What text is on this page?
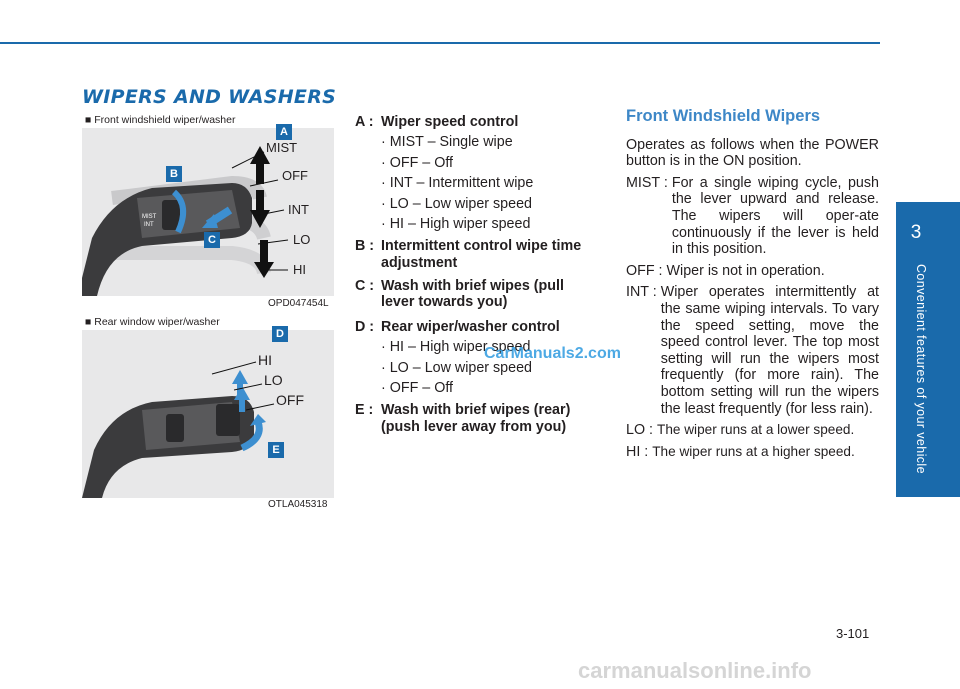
WIPERS AND WASHERS
■ Front windshield wiper/washer
MIST
INT
MIST
OFF
INT
LO
HI
A
B
C
OPD047454L
■ Rear window wiper/washer
HI
LO
OFF
D
E
OTLA045318
A : Wiper speed control
· MIST – Single wipe
· OFF – Off
· INT – Intermittent wipe
· LO – Low wiper speed
· HI – High wiper speed
B : Intermittent control wipe time adjustment
C : Wash with brief wipes (pull lever towards you)
D : Rear wiper/washer control
· HI – High wiper speed
· LO – Low wiper speed
· OFF – Off
E : Wash with brief wipes (rear) (push lever away from you)
Front Windshield Wipers
Operates as follows when the POWER button is in the ON position.
MIST : For a single wiping cycle, push the lever upward and release. The wipers will oper-ate continuously if the lever is held in this position.
OFF : Wiper is not in operation.
INT : Wiper operates intermittently at the same wiping intervals. To vary the speed setting, move the speed control lever. The top most setting will run the wipers most frequently (for more rain). The bottom setting will run the wipers the least frequently (for less rain).
LO : The wiper runs at a lower speed.
HI : The wiper runs at a higher speed.
3
Convenient features of your vehicle
3-101
CarManuals2.com
carmanualsonline.info
